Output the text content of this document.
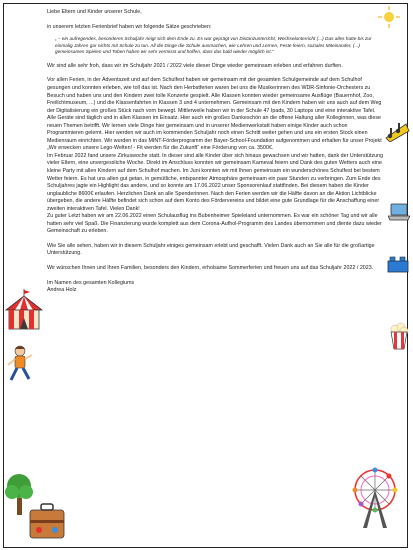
Liebe Eltern und Kinder unserer Schule,

in unserem letzten Ferienbrief haben wir folgende Sätze geschrieben:

„ – ein aufregendes, besonderes Schuljahr neigt sich dem Ende zu. Es war geprägt von Distanzunterricht, Wechselunterricht (...) Das alles hatte bis zur einmalig Jahren gar nichts mit Schule zu tun. All die Dinge die Schule ausmachen, wie Lehren und Lernen, Feste feiern, soziales Miteinander, (...) gemeinsames Spielen und Toben haben wir sehr vermisst und hoffen, dass das bald wieder möglich ist.“

Wir sind alle sehr froh, dass wir im Schuljahr 2021 / 2022 viele dieser Dinge wieder gemeinsam erleben und erfahren durften.

Vor allen Ferien, in der Adventszeit und auf dem Schulfest haben wir gemeinsam mit der gesamten Schulgemeinde auf dem Schulhof gesungen und konnten erleben, wie toll das ist. Nach den Herbstferien waren bei uns die Musikerinnen des WDR-Sinfonie-Orchesters zu Besuch und haben uns und den Kindern zwei tolle Konzerte gespielt. Alle Klassen konnten wieder gemeinsame Ausflüge (Bauernhof, Zoo, Freilichtmuseum, ...) und die Klassenfahrten in Klassen 3 und 4 unternehmen. Gemeinsam mit den Kindern haben wir uns auch auf dem Weg der Digitalisierung ein großes Stück nach vorn bewegt. Mittlerweile haben wir in der Schule 47 Ipads, 30 Laptops und eine interaktive Tafel. Alle Geräte sind täglich und in allen Klassen im Einsatz. Hier auch ein großes Dankeschön an die offene Haltung aller Kolleginnen, was diese neuen Themen betrifft. Wir lernen viele Dinge hier gemeinsam und in unserer Medienwerkstatt haben einige Kinder auch schon Programmieren gelernt. Hier werden wir auch im kommenden Schuljahr noch einen Schritt weiter gehen und uns ein ersten Stock einen Medienraum einrichten. Wir wurden in das MINT-Förderprogramm der Bayer-School-Foundation aufgenommen und erhalten für unser Projekt „Wir erwecken unsere Lego-Welten! - Fit werden für die Zukunft“ eine Förderung von ca. 3500€.

Im Februar 2022 fand unsere Zirkuswoche statt. In dieser sind alle Kinder über sich hinaus gewachsen und wir hatten, dank der Unterstützung vieler Eltern, eine unvergessliche Woche. Direkt im Anschluss konnten wir gemeinsam Karneval feiern und Dank des guten Wetters auch eine kleine Party mit allen Kindern auf dem Schulhof machen. Im Juni konnten wir mit Ihnen gemeinsam ein wunderschönes Schulfest bei bestem Wetter feiern. Es hat uns allen gut getan, in gemütliche, entspannter Atmosphäre gemeinsam ein paar Stunden zu verbringen. Zum Ende des Schuljahres jagte ein Highlight das andere, und so konnte am 17.06.2022 unser Sponsorenlauf stattfinden. Bei diesem haben die Kinder unglaubliche 8600€ erlaufen. Herzlichen Dank an alle Spenderinnen. Nach den Ferien werden wir die Hälfte davon an die Aktion Lichtblicke übergeben, die andere Hälfte befindet sich schon auf dem Konto des Fördervereins und bildet eine gute Grundlage für die Anschaffung einer zweiten interaktiven Tafel. Vielen Dank!

Zu guter Letzt haben wir am 22.06.2022 einen Schulausflug ins Bubenheimer Spieleland unternommen. Es war ein schöner Tag und wir alle hatten sehr viel Spaß. Die Finanzierung wurde komplett aus dem Corona-Aufhol-Programm des Landes übernommen und diente dazu wieder Gemeinschaft zu erleben.

Wie Sie alle sehen, haben wir in diesem Schuljahr einiges gemeinsam erlebt und geschafft. Vielen Dank auch an Sie alle für die großartige Unterstützung.

Wir wünschen Ihnen und Ihren Familien, besonders den Kindern, erholsame Sommerferien und freuen uns auf das Schuljahr 2022 / 2023.

Im Namen des gesamten Kollegiums

Andrea Holz
